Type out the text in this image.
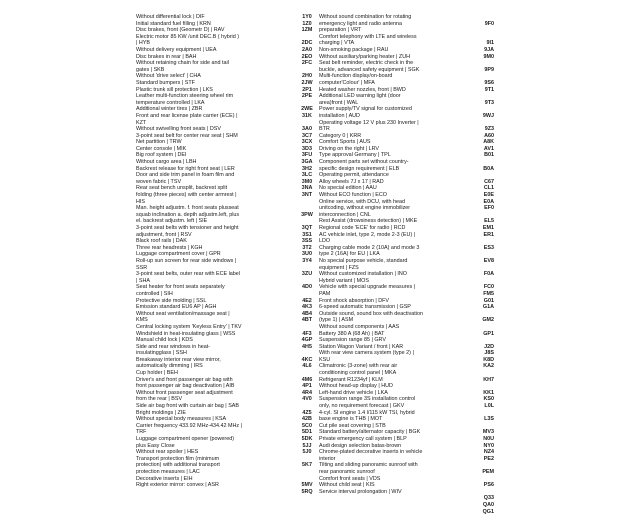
Without differential lock | DIF
Initial standard fuel filling | KRN
Disc brakes, front (Geometr D) | RAV
Electric motor 85 KW /unit DEC.B ( hybrid )
| HYB
Without delivery equipment | UEA
Disc brakes in rear | BAH
Without retaining chain for side and tail
gates | SKB
Without 'drive select' | CHA
Standard bumpers | STF
Plastic trunk sill protection | LKS
Leather multi-function steering wheel rim
temperature controlled | LKA
Additional winter tires | ZBR
Front and rear license plate carrier (ECE) |
KZT
Without swivelling front seats | DSV
3-point seat belt for center rear seat | SHM
Net partition | TRW
Center console | MIK
Big roof system | DEI
Without cargo area | LBH
Backrest release for right front seat | LER
Door and side trim panel in foam film and
woven fabric | TSV
Rear seat bench unsplit, backrest split
folding (three pieces) with center armrest |
HIS
Man. height adjustm. f. front seats plusseat
squab inclination a. depth adjustm.left, plus
el. backrest adjustm. left | SIE
3-point seat belts with tensioner and height
adjustment, front | RSV
Black roof rails | DAK
Three rear headrests | KGH
Luggage compartment cover | GPR
Roll-up sun screen for rear side windows |
SSR
3-point seat belts, outer rear with ECE label
| SHA
Seat heater for front seats separately
controlled | SIH
Protective side molding | SSL
Emission standard EU6 AP | AGH
Without seat ventilation/massage seat |
KMS
Central locking system 'Keyless Entry' | TKV
Windshield in heat-insulating glass | WSS
Manual child lock | KDS
Side and rear windows in heat-
insulatingglass | SSH
Breakaway interior rear view mirror,
automatically dimming | IRS
Cup holder | BEH
Driver's and front passenger air bag with
front passenger air bag deactivation | AIB
Without front passenger seat adjustment
from the rear | BSV
Side air bag front with curtain air bag | SAB
Bright moldings | ZIE
Without special body measures | KSA
Carrier frequency 433.92 MHz-434.42 MHz |
TRF
Luggage compartment opener (powered)
plus Easy Close
Without rear spoiler | HES
Transport protection film (minimum
protection) with additional transport
protection measures | LAC
Decorative inserts | EIH
Right exterior mirror: convex | ASR
1Y0
1Z0
1ZM
2DC
2A0
2EO
2FC
2H0
2JW
2P1
2PE
2WE
31K
3A0
3C7
3CX
3D3
3FU
3GA
3H2
3LC
3M0
3NA
3NT
3PW
3QT
3S1
3SS
3T2
3U0
3Y4
3ZU
4D0
4E2
4K3
4B4
4BT
4F3
4GP
4H5
4KC
4L6
4M6
4P1
4R4
4V0
4Z5
42B
5C0
5D1
5DK
5JJ
5J0
5K7
5MV
5RQ
Without sound combination for rotating
emergency light and radio antenna
preparation | VRT
Comfort telephony with LTE and wireless
charging | VTA
Non-smoking package | RAU
Without auxiliary/parking heater | ZUH
Seat belt reminder, electric check in the
buckle, advanced safety equipment | SGK
Multi-function display/on-board
computer'Colour' | MFA
Heated washer nozzles, front | BWD
Additional LED warning light (door
area)front | WAL
Power supply/TV signal for customized
installation | AUD
Operating voltage 12 V plus 230 Inverter |
BTR
Category 0 | KRR
Comfort Sports | AUS
Driving on the right | LRV
Type approval Germany | TPL
Component parts set without country-
specific design requirement | ELB
Operating permit, attendance
Alloy wheels 7J x 17 | RAD
No special edition | AAU
Without ECO function | ECO
Online service, with DCU, with head
unitcoding, without engine immobilizer
interconnection | CNL
Rest Assist (drowsiness detection) | MKE
Regional code 'ECE' for radio | RCD
AC vehicle inlet, type 2, mode 2-3 (EU) |
LDO
Charging cable mode 2 (10A) and mode 3
type 2 (16A) for EU | LKA
No special purpose vehicle, standard
equipment | FZS
Without customized installation | INO
Hybrid variant | MOS
Vehicle with special upgrade measures |
PAM
Front shock absorption | DFV
6-speed automatic transmission | GSP
Outside sound, sound box with deactivation
(type 1) | ASM
Without sound components | AAS
Battery 380 A (68 Ah) | BAT
Suspension range 85 | GRV
Station Wagon Variant / front | KAR
With rear view camera system (type 2) |
KSU
Climatronic (3-zone) with rear air
conditioning control panel | MKA
Refrigerant R1234yf | KLM
Without head-up display | HUD
Left-hand drive vehicle | LKA
Suspension range 3S installation control
only, no requirement forecast | GKV
4-cyl. SI engine 1.4 l/115 kW TSI, hybrid
base engine is THB | MOT
Cut pile seat covering | STB
Standard battery/alternator capacity | BGK
Private emergency call system | BLP
Audi design selection batas-brown
Chrome-plated decorative inserts in vehicle
interior
Tilting and sliding panoramic sunroof with
rear panoramic sunroof
Comfort front seats | VDS
Without child seat | KIS
Service interval prolongation | WIV
9F0
9I1
9JA
9M0
9P9
9S6
9T1
9T3
9WJ
9Z3
A60
A8K
AV1
B01
B0A
C67
CL1
E0E
E0A
EF0
EL5
EM1
ER1
ES3
EV8
F0A
FC0
FM5
G01
G1A
GM2
GP1
J2D
J8S
K8D
KA2
KH7
KK1
KS0
L0L
L3S
MV3
N0U
NY0
NZ4
PE2
PEM
PS6
Q33
QA0
QG1
